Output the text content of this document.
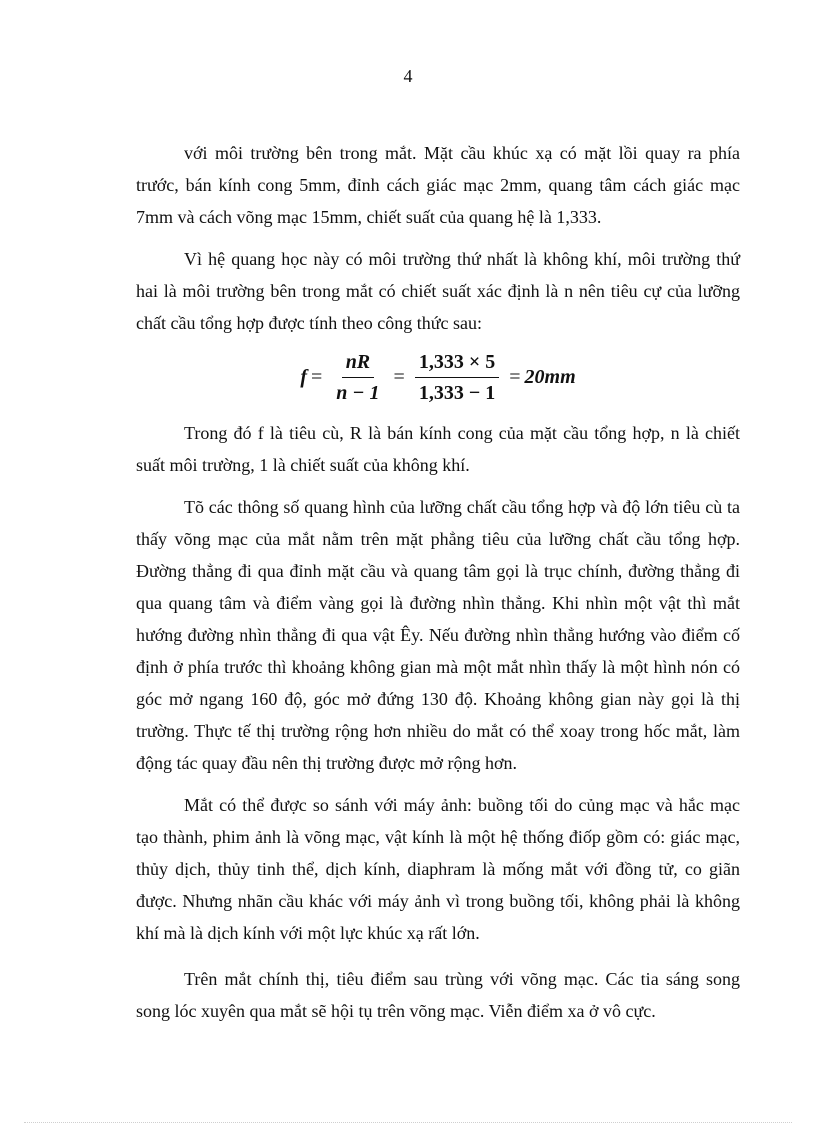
4

với môi trường bên trong mắt. Mặt cầu khúc xạ có mặt lồi quay ra phía trước, bán kính cong 5mm, đỉnh cách giác mạc 2mm, quang tâm cách giác mạc 7mm và cách võng mạc 15mm, chiết suất của quang hệ là 1,333.

Vì hệ quang học này có môi trường thứ nhất là không khí, môi trường thứ hai là môi trường bên trong mắt có chiết suất xác định là n nên tiêu cự của lưỡng chất cầu tổng hợp được tính theo công thức sau:

$f = \frac{nR}{n - 1} = \frac{1,333 \times 5}{1,333 - 1} = 20mm$

Trong đó f là tiêu cù, R là bán kính cong của mặt cầu tổng hợp, n là chiết suất môi trường, 1 là chiết suất của không khí.

Tõ các thông số quang hình của lưỡng chất cầu tổng hợp và độ lớn tiêu cù ta thấy võng mạc của mắt nằm trên mặt phẳng tiêu của lưỡng chất cầu tổng hợp. Đường thẳng đi qua đỉnh mặt cầu và quang tâm gọi là trục chính, đường thẳng đi qua quang tâm và điểm vàng gọi là đường nhìn thẳng. Khi nhìn một vật thì mắt hướng đường nhìn thẳng đi qua vật Êy. Nếu đường nhìn thẳng hướng vào điểm cố định ở phía trước thì khoảng không gian mà một mắt nhìn thấy là một hình nón có góc mở ngang 160 độ, góc mở đứng 130 độ. Khoảng không gian này gọi là thị trường. Thực tế thị trường rộng hơn nhiều do mắt có thể xoay trong hốc mắt, làm động tác quay đầu nên thị trường được mở rộng hơn.

Mắt có thể được so sánh với máy ảnh: buồng tối do củng mạc và hắc mạc tạo thành, phim ảnh là võng mạc, vật kính là một hệ thống điốp gồm có: giác mạc, thủy dịch, thủy tinh thể, dịch kính, diaphram là mống mắt với đồng tử, co giãn được. Nhưng nhãn cầu khác với máy ảnh vì trong buồng tối, không phải là không khí mà là dịch kính với một lực khúc xạ rất lớn.

Trên mắt chính thị, tiêu điểm sau trùng với võng mạc. Các tia sáng song song lóc xuyên qua mắt sẽ hội tụ trên võng mạc. Viễn điểm xa ở vô cực.
